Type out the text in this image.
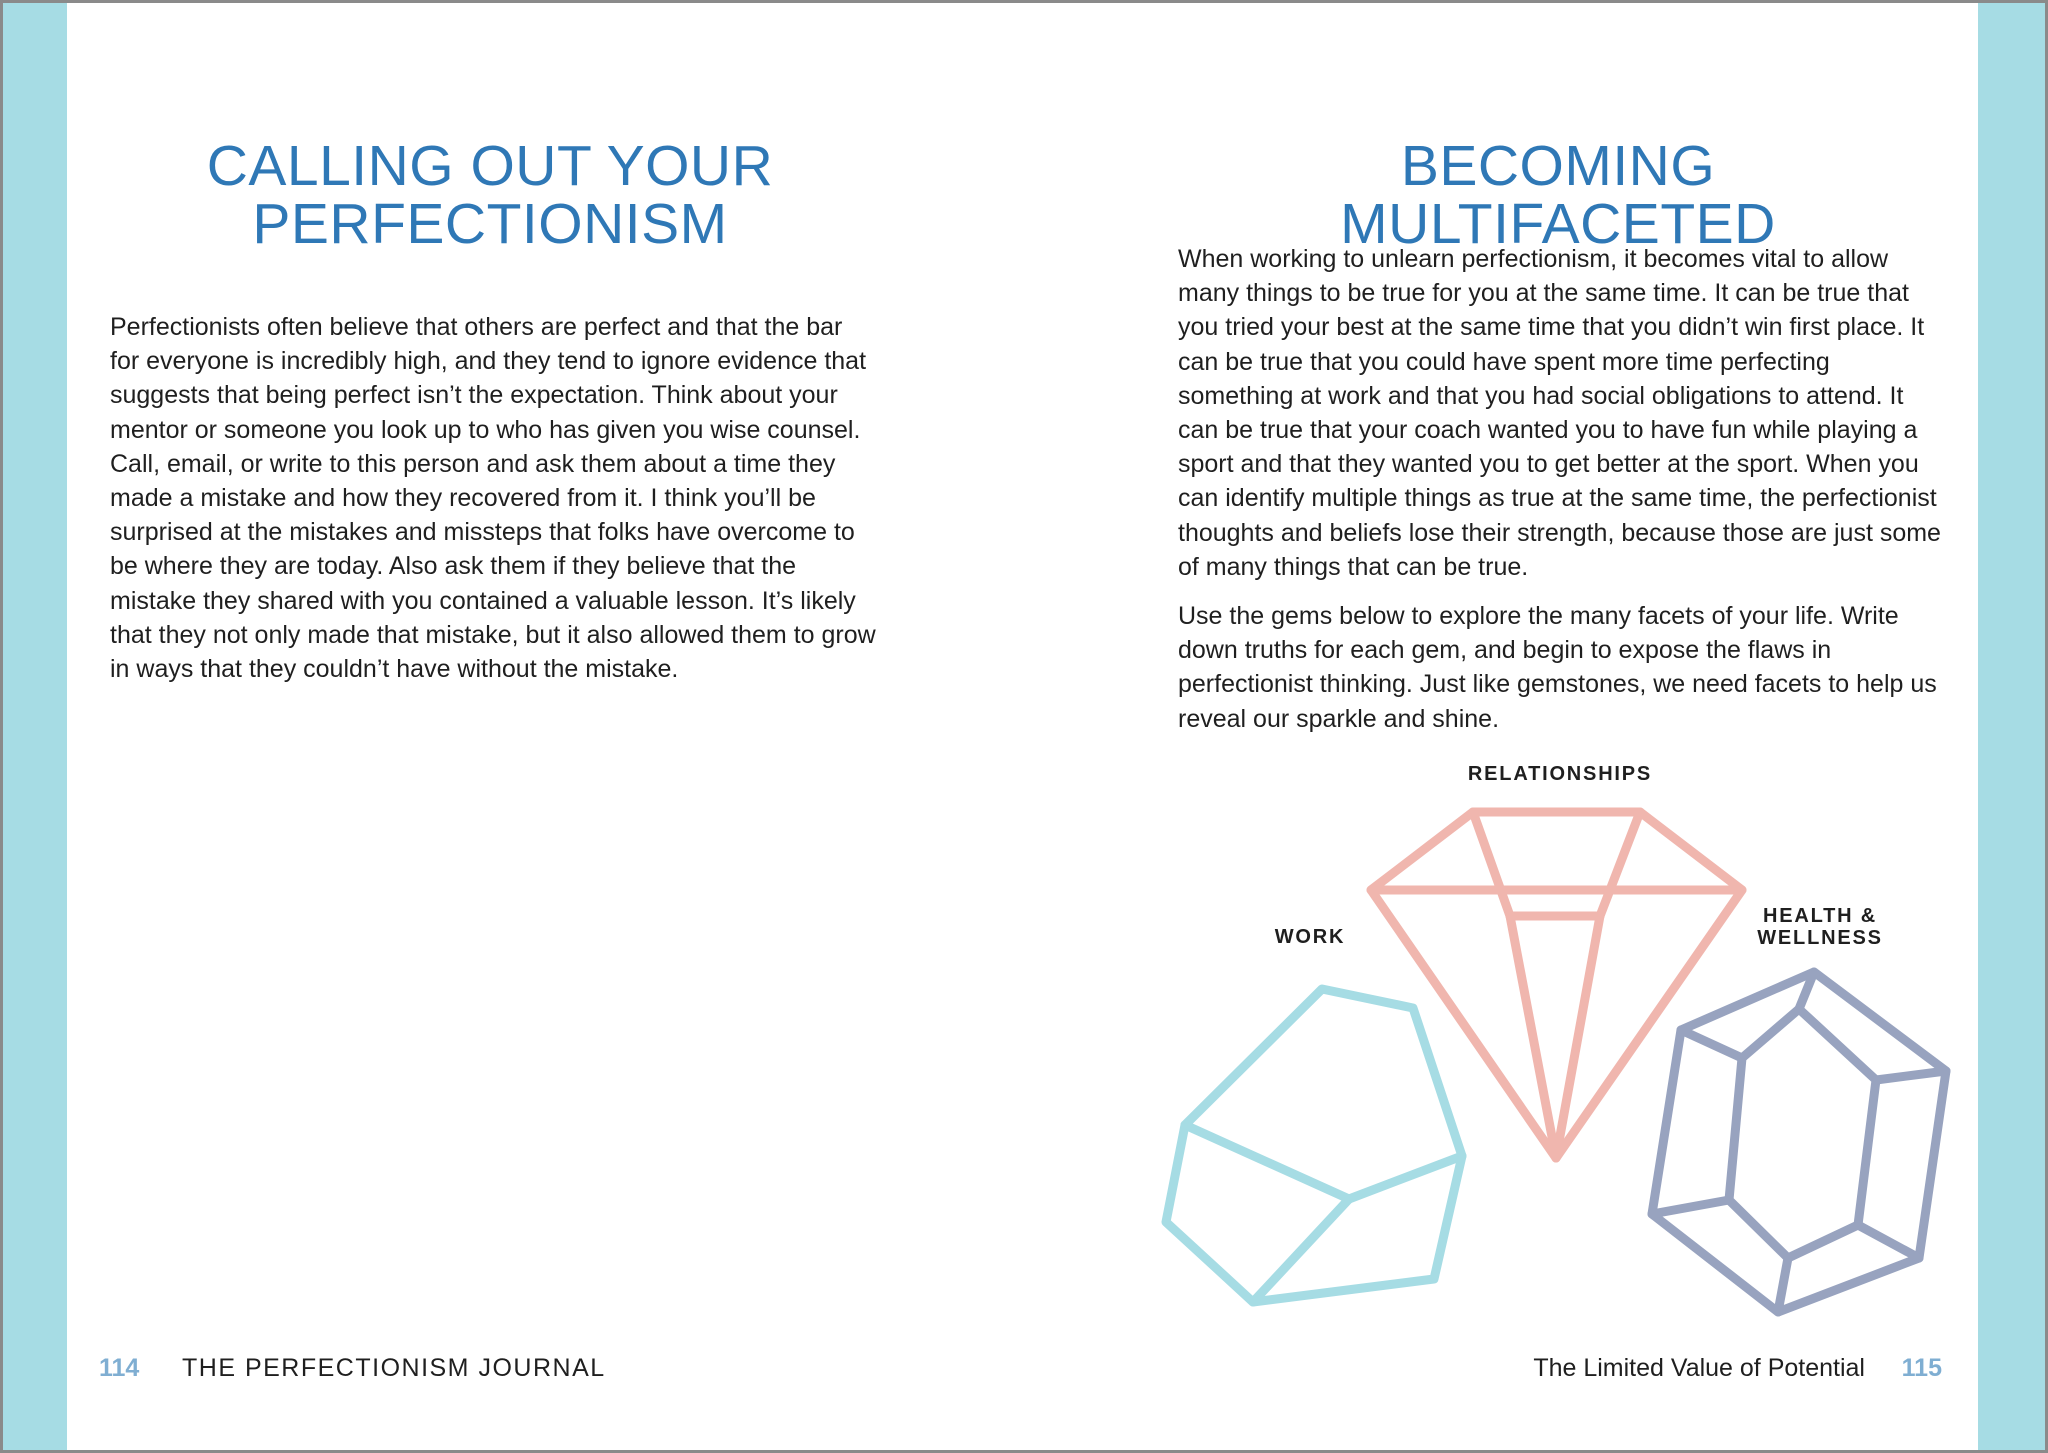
CALLING OUT YOUR
PERFECTIONISM

Perfectionists often believe that others are perfect and that the bar for everyone is incredibly high, and they tend to ignore evidence that suggests that being perfect isn’t the expectation. Think about your mentor or someone you look up to who has given you wise counsel. Call, email, or write to this person and ask them about a time they made a mistake and how they recovered from it. I think you’ll be surprised at the mistakes and missteps that folks have overcome to be where they are today. Also ask them if they believe that the mistake they shared with you contained a valuable lesson. It’s likely that they not only made that mistake, but it also allowed them to grow in ways that they couldn’t have without the mistake.

BECOMING MULTIFACETED

When working to unlearn perfectionism, it becomes vital to allow many things to be true for you at the same time. It can be true that you tried your best at the same time that you didn’t win first place. It can be true that you could have spent more time perfecting something at work and that you had social obligations to attend. It can be true that your coach wanted you to have fun while playing a sport and that they wanted you to get better at the sport. When you can identify multiple things as true at the same time, the perfectionist thoughts and beliefs lose their strength, because those are just some of many things that can be true.

Use the gems below to explore the many facets of your life. Write down truths for each gem, and begin to expose the flaws in perfectionist thinking. Just like gemstones, we need facets to help us reveal our sparkle and shine.

RELATIONSHIPS
WORK
HEALTH &
WELLNESS
114 THE PERFECTIONISM JOURNAL	The Limited Value of Potential 115
